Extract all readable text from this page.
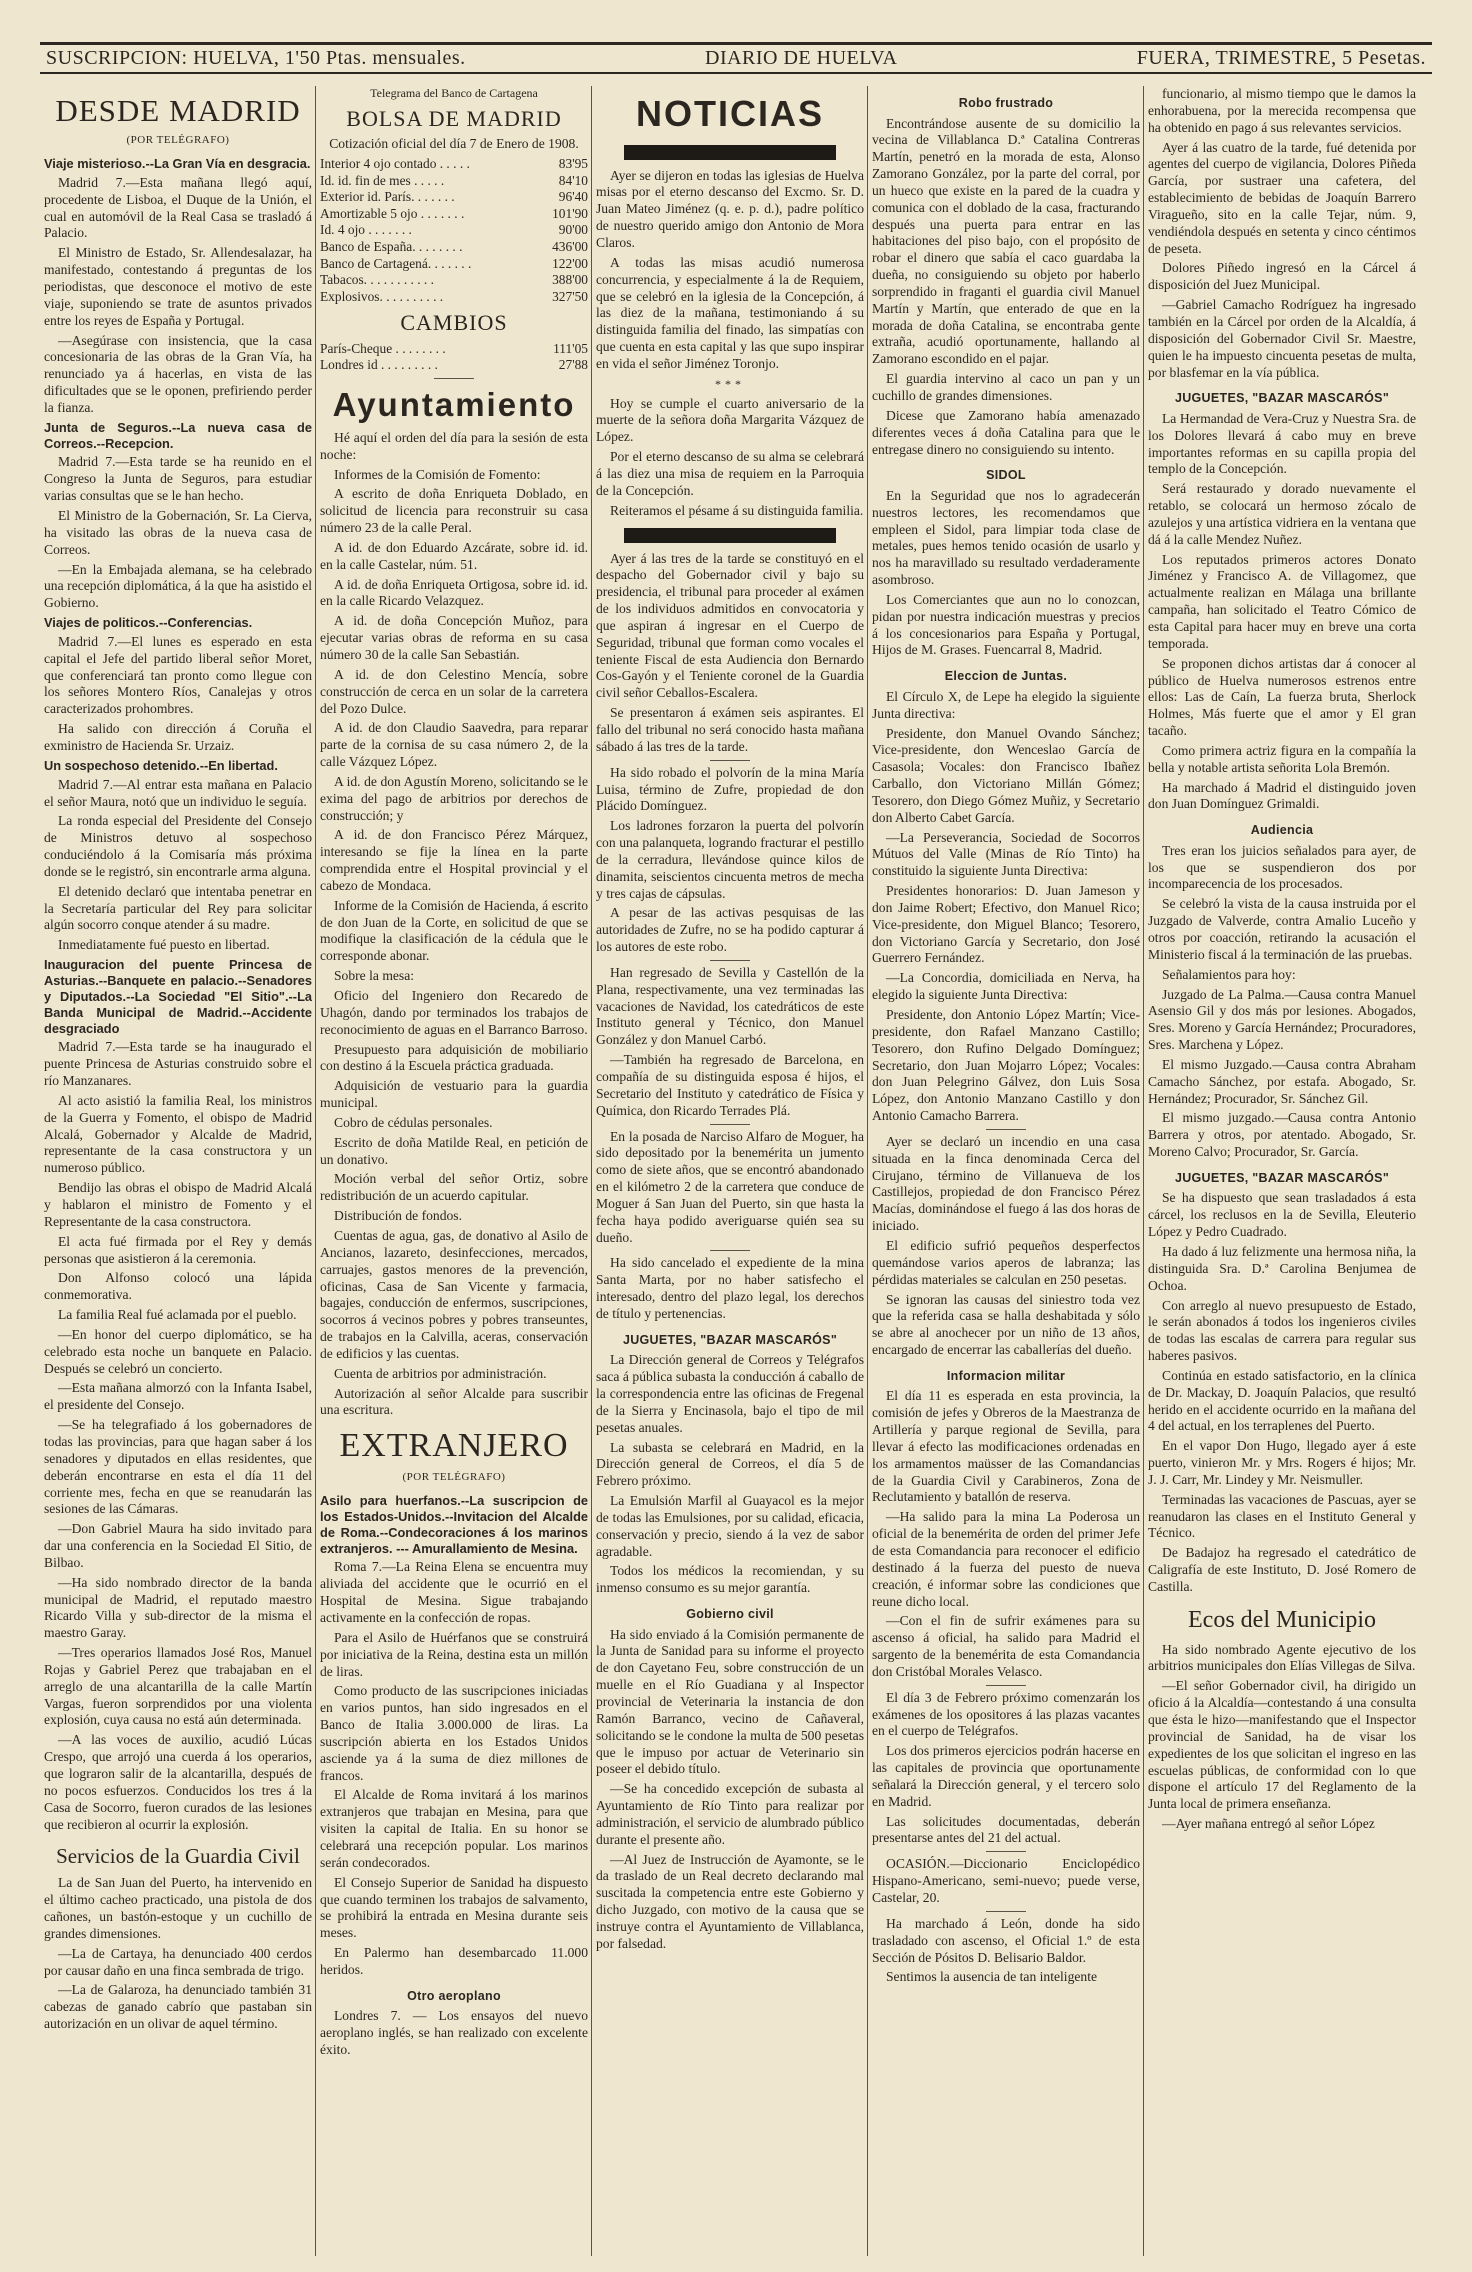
SUSCRIPCION: HUELVA, 1'50 Ptas. mensuales.	DIARIO DE HUELVA	FUERA, TRIMESTRE, 5 Pesetas.
DESDE MADRID
(POR TELÉGRAFO)

Viaje misterioso.--La Gran Vía en desgracia.

Madrid 7.—Esta mañana llegó aquí, procedente de Lisboa, el Duque de la Unión, el cual en automóvil de la Real Casa se trasladó á Palacio.

El Ministro de Estado, Sr. Allendesalazar, ha manifestado, contestando á preguntas de los periodistas, que desconoce el motivo de este viaje, suponiendo se trate de asuntos privados entre los reyes de España y Portugal.

—Asegúrase con insistencia, que la casa concesionaria de las obras de la Gran Vía, ha renunciado ya á hacerlas, en vista de las dificultades que se le oponen, prefiriendo perder la fianza.

Junta de Seguros.--La nueva casa de Correos.--Recepcion.

Madrid 7.—Esta tarde se ha reunido en el Congreso la Junta de Seguros, para estudiar varias consultas que se le han hecho.

El Ministro de la Gobernación, Sr. La Cierva, ha visitado las obras de la nueva casa de Correos.

—En la Embajada alemana, se ha celebrado una recepción diplomática, á la que ha asistido el Gobierno.

Viajes de politicos.--Conferencias.

Madrid 7.—El lunes es esperado en esta capital el Jefe del partido liberal señor Moret, que conferenciará tan pronto como llegue con los señores Montero Ríos, Canalejas y otros caracterizados prohombres.

Ha salido con dirección á Coruña el exministro de Hacienda Sr. Urzaiz.

Un sospechoso detenido.--En libertad.

Madrid 7.—Al entrar esta mañana en Palacio el señor Maura, notó que un individuo le seguía.

La ronda especial del Presidente del Consejo de Ministros detuvo al sospechoso conduciéndolo á la Comisaría más próxima donde se le registró, sin encontrarle arma alguna.

El detenido declaró que intentaba penetrar en la Secretaría particular del Rey para solicitar algún socorro conque atender á su madre.

Inmediatamente fué puesto en libertad.

Inauguracion del puente Princesa de Asturias.--Banquete en palacio.--Senadores y Diputados.--La Sociedad "El Sitio".--La Banda Municipal de Madrid.--Accidente desgraciado

Madrid 7.—Esta tarde se ha inaugurado el puente Princesa de Asturias construido sobre el río Manzanares.

Al acto asistió la familia Real, los ministros de la Guerra y Fomento, el obispo de Madrid Alcalá, Gobernador y Alcalde de Madrid, representante de la casa constructora y un numeroso público.

Bendijo las obras el obispo de Madrid Alcalá y hablaron el ministro de Fomento y el Representante de la casa constructora.

El acta fué firmada por el Rey y demás personas que asistieron á la ceremonia.

Don Alfonso colocó una lápida conmemorativa.

La familia Real fué aclamada por el pueblo.

—En honor del cuerpo diplomático, se ha celebrado esta noche un banquete en Palacio. Después se celebró un concierto.

—Esta mañana almorzó con la Infanta Isabel, el presidente del Consejo.

—Se ha telegrafiado á los gobernadores de todas las provincias, para que hagan saber á los senadores y diputados en ellas residentes, que deberán encontrarse en esta el día 11 del corriente mes, fecha en que se reanudarán las sesiones de las Cámaras.

—Don Gabriel Maura ha sido invitado para dar una conferencia en la Sociedad El Sitio, de Bilbao.

—Ha sido nombrado director de la banda municipal de Madrid, el reputado maestro Ricardo Villa y sub-director de la misma el maestro Garay.

—Tres operarios llamados José Ros, Manuel Rojas y Gabriel Perez que trabajaban en el arreglo de una alcantarilla de la calle Martín Vargas, fueron sorprendidos por una violenta explosión, cuya causa no está aún determinada.

—A las voces de auxilio, acudió Lúcas Crespo, que arrojó una cuerda á los operarios, que lograron salir de la alcantarilla, después de no pocos esfuerzos. Conducidos los tres á la Casa de Socorro, fueron curados de las lesiones que recibieron al ocurrir la explosión.

Servicios de la Guardia Civil

La de San Juan del Puerto, ha intervenido en el último cacheo practicado, una pistola de dos cañones, un bastón-estoque y un cuchillo de grandes dimensiones.

—La de Cartaya, ha denunciado 400 cerdos por causar daño en una finca sembrada de trigo.

—La de Galaroza, ha denunciado también 31 cabezas de ganado cabrío que pastaban sin autorización en un olivar de aquel término.

Telegrama del Banco de Cartagena
BOLSA DE MADRID

Cotización oficial del día 7 de Enero de 1908.

Interior 4 ojo contado . . . . .	83'95
Id. id. fin de mes . . . . .	84'10
Exterior id. París. . . . . . .	96'40
Amortizable 5 ojo . . . . . . .	101'90
Id. 4 ojo . . . . . . .	90'00
Banco de España. . . . . . . .	436'00
Banco de Cartagená. . . . . . .	122'00
Tabacos. . . . . . . . . . .	388'00
Explosivos. . . . . . . . . .	327'50
CAMBIOS
París-Cheque . . . . . . . .	111'05
Londres id . . . . . . . . .	27'88
Ayuntamiento

Hé aquí el orden del día para la sesión de esta noche:

Informes de la Comisión de Fomento:

A escrito de doña Enriqueta Doblado, en solicitud de licencia para reconstruir su casa número 23 de la calle Peral.

A id. de don Eduardo Azcárate, sobre id. id. en la calle Castelar, núm. 51.

A id. de doña Enriqueta Ortigosa, sobre id. id. en la calle Ricardo Velazquez.

A id. de doña Concepción Muñoz, para ejecutar varias obras de reforma en su casa número 30 de la calle San Sebastián.

A id. de don Celestino Mencía, sobre construcción de cerca en un solar de la carretera del Pozo Dulce.

A id. de don Claudio Saavedra, para reparar parte de la cornisa de su casa número 2, de la calle Vázquez López.

A id. de don Agustín Moreno, solicitando se le exima del pago de arbitrios por derechos de construcción; y

A id. de don Francisco Pérez Márquez, interesando se fije la línea en la parte comprendida entre el Hospital provincial y el cabezo de Mondaca.

Informe de la Comisión de Hacienda, á escrito de don Juan de la Corte, en solicitud de que se modifique la clasificación de la cédula que le corresponde abonar.

Sobre la mesa:

Oficio del Ingeniero don Recaredo de Uhagón, dando por terminados los trabajos de reconocimiento de aguas en el Barranco Barroso.

Presupuesto para adquisición de mobiliario con destino á la Escuela práctica graduada.

Adquisición de vestuario para la guardia municipal.

Cobro de cédulas personales.

Escrito de doña Matilde Real, en petición de un donativo.

Moción verbal del señor Ortiz, sobre redistribución de un acuerdo capitular.

Distribución de fondos.

Cuentas de agua, gas, de donativo al Asilo de Ancianos, lazareto, desinfecciones, mercados, carruajes, gastos menores de la prevención, oficinas, Casa de San Vicente y farmacia, bagajes, conducción de enfermos, suscripciones, socorros á vecinos pobres y pobres transeuntes, de trabajos en la Calvilla, aceras, conservación de edificios y las cuentas.

Cuenta de arbitrios por administración.

Autorización al señor Alcalde para suscribir una escritura.

EXTRANJERO
(POR TELÉGRAFO)

Asilo para huerfanos.--La suscripcion de los Estados-Unidos.--Invitacion del Alcalde de Roma.--Condecoraciones á los marinos extranjeros. --- Amurallamiento de Mesina.

Roma 7.—La Reina Elena se encuentra muy aliviada del accidente que le ocurrió en el Hospital de Mesina. Sigue trabajando activamente en la confección de ropas.

Para el Asilo de Huérfanos que se construirá por iniciativa de la Reina, destina esta un millón de liras.

Como producto de las suscripciones iniciadas en varios puntos, han sido ingresados en el Banco de Italia 3.000.000 de liras. La suscripción abierta en los Estados Unidos asciende ya á la suma de diez millones de francos.

El Alcalde de Roma invitará á los marinos extranjeros que trabajan en Mesina, para que visiten la capital de Italia. En su honor se celebrará una recepción popular. Los marinos serán condecorados.

El Consejo Superior de Sanidad ha dispuesto que cuando terminen los trabajos de salvamento, se prohibirá la entrada en Mesina durante seis meses.

En Palermo han desembarcado 11.000 heridos.

Otro aeroplano

Londres 7. — Los ensayos del nuevo aeroplano inglés, se han realizado con excelente éxito.

NOTICIAS

Ayer se dijeron en todas las iglesias de Huelva misas por el eterno descanso del Excmo. Sr. D. Juan Mateo Jiménez (q. e. p. d.), padre político de nuestro querido amigo don Antonio de Mora Claros.

A todas las misas acudió numerosa concurrencia, y especialmente á la de Requiem, que se celebró en la iglesia de la Concepción, á las diez de la mañana, testimoniando á su distinguida familia del finado, las simpatías con que cuenta en esta capital y las que supo inspirar en vida el señor Jiménez Toronjo.

***

Hoy se cumple el cuarto aniversario de la muerte de la señora doña Margarita Vázquez de López.

Por el eterno descanso de su alma se celebrará á las diez una misa de requiem en la Parroquia de la Concepción.

Reiteramos el pésame á su distinguida familia.

Ayer á las tres de la tarde se constituyó en el despacho del Gobernador civil y bajo su presidencia, el tribunal para proceder al exámen de los individuos admitidos en convocatoria y que aspiran á ingresar en el Cuerpo de Seguridad, tribunal que forman como vocales el teniente Fiscal de esta Audiencia don Bernardo Cos-Gayón y el Teniente coronel de la Guardia civil señor Ceballos-Escalera.

Se presentaron á exámen seis aspirantes. El fallo del tribunal no será conocido hasta mañana sábado á las tres de la tarde.

Ha sido robado el polvorín de la mina María Luisa, término de Zufre, propiedad de don Plácido Domínguez.

Los ladrones forzaron la puerta del polvorín con una palanqueta, logrando fracturar el pestillo de la cerradura, llevándose quince kilos de dinamita, seiscientos cincuenta metros de mecha y tres cajas de cápsulas.

A pesar de las activas pesquisas de las autoridades de Zufre, no se ha podido capturar á los autores de este robo.

Han regresado de Sevilla y Castellón de la Plana, respectivamente, una vez terminadas las vacaciones de Navidad, los catedráticos de este Instituto general y Técnico, don Manuel González y don Manuel Carbó.

—También ha regresado de Barcelona, en compañía de su distinguida esposa é hijos, el Secretario del Instituto y catedrático de Física y Química, don Ricardo Terrades Plá.

En la posada de Narciso Alfaro de Moguer, ha sido depositado por la benemérita un jumento como de siete años, que se encontró abandonado en el kilómetro 2 de la carretera que conduce de Moguer á San Juan del Puerto, sin que hasta la fecha haya podido averiguarse quién sea su dueño.

Ha sido cancelado el expediente de la mina Santa Marta, por no haber satisfecho el interesado, dentro del plazo legal, los derechos de título y pertenencias.

JUGUETES, "BAZAR MASCARÓS"

La Dirección general de Correos y Telégrafos saca á pública subasta la conducción á caballo de la correspondencia entre las oficinas de Fregenal de la Sierra y Encinasola, bajo el tipo de mil pesetas anuales.

La subasta se celebrará en Madrid, en la Dirección general de Correos, el día 5 de Febrero próximo.

La Emulsión Marfil al Guayacol es la mejor de todas las Emulsiones, por su calidad, eficacia, conservación y precio, siendo á la vez de sabor agradable.

Todos los médicos la recomiendan, y su inmenso consumo es su mejor garantía.

Gobierno civil

Ha sido enviado á la Comisión permanente de la Junta de Sanidad para su informe el proyecto de don Cayetano Feu, sobre construcción de un muelle en el Río Guadiana y al Inspector provincial de Veterinaria la instancia de don Ramón Barranco, vecino de Cañaveral, solicitando se le condone la multa de 500 pesetas que le impuso por actuar de Veterinario sin poseer el debido título.

—Se ha concedido excepción de subasta al Ayuntamiento de Río Tinto para realizar por administración, el servicio de alumbrado público durante el presente año.

—Al Juez de Instrucción de Ayamonte, se le da traslado de un Real decreto declarando mal suscitada la competencia entre este Gobierno y dicho Juzgado, con motivo de la causa que se instruye contra el Ayuntamiento de Villablanca, por falsedad.

Robo frustrado

Encontrándose ausente de su domicilio la vecina de Villablanca D.ª Catalina Contreras Martín, penetró en la morada de esta, Alonso Zamorano González, por la parte del corral, por un hueco que existe en la pared de la cuadra y comunica con el doblado de la casa, fracturando después una puerta para entrar en las habitaciones del piso bajo, con el propósito de robar el dinero que sabía el caco guardaba la dueña, no consiguiendo su objeto por haberlo sorprendido in fraganti el guardia civil Manuel Martín y Martín, que enterado de que en la morada de doña Catalina, se encontraba gente extraña, acudió oportunamente, hallando al Zamorano escondido en el pajar.

El guardia intervino al caco un pan y un cuchillo de grandes dimensiones.

Dicese que Zamorano había amenazado diferentes veces á doña Catalina para que le entregase dinero no consiguiendo su intento.

SIDOL

En la Seguridad que nos lo agradecerán nuestros lectores, les recomendamos que empleen el Sidol, para limpiar toda clase de metales, pues hemos tenido ocasión de usarlo y nos ha maravillado su resultado verdaderamente asombroso.

Los Comerciantes que aun no lo conozcan, pidan por nuestra indicación muestras y precios á los concesionarios para España y Portugal, Hijos de M. Grases. Fuencarral 8, Madrid.

Eleccion de Juntas.

El Círculo X, de Lepe ha elegido la siguiente Junta directiva:

Presidente, don Manuel Ovando Sánchez; Vice-presidente, don Wenceslao García de Casasola; Vocales: don Francisco Ibañez Carballo, don Victoriano Millán Gómez; Tesorero, don Diego Gómez Muñiz, y Secretario don Alberto Cabet García.

—La Perseverancia, Sociedad de Socorros Mútuos del Valle (Minas de Río Tinto) ha constituido la siguiente Junta Directiva:

Presidentes honorarios: D. Juan Jameson y don Jaime Robert; Efectivo, don Manuel Rico; Vice-presidente, don Miguel Blanco; Tesorero, don Victoriano García y Secretario, don José Guerrero Fernández.

—La Concordia, domiciliada en Nerva, ha elegido la siguiente Junta Directiva:

Presidente, don Antonio López Martín; Vice-presidente, don Rafael Manzano Castillo; Tesorero, don Rufino Delgado Domínguez; Secretario, don Juan Mojarro López; Vocales: don Juan Pelegrino Gálvez, don Luis Sosa López, don Antonio Manzano Castillo y don Antonio Camacho Barrera.

Ayer se declaró un incendio en una casa situada en la finca denominada Cerca del Cirujano, término de Villanueva de los Castillejos, propiedad de don Francisco Pérez Macías, dominándose el fuego á las dos horas de iniciado.

El edificio sufrió pequeños desperfectos quemándose varios aperos de labranza; las pérdidas materiales se calculan en 250 pesetas.

Se ignoran las causas del siniestro toda vez que la referida casa se halla deshabitada y sólo se abre al anochecer por un niño de 13 años, encargado de encerrar las caballerías del dueño.

Informacion militar

El día 11 es esperada en esta provincia, la comisión de jefes y Obreros de la Maestranza de Artillería y parque regional de Sevilla, para llevar á efecto las modificaciones ordenadas en los armamentos maüsser de las Comandancias de la Guardia Civil y Carabineros, Zona de Reclutamiento y batallón de reserva.

—Ha salido para la mina La Poderosa un oficial de la benemérita de orden del primer Jefe de esta Comandancia para reconocer el edificio destinado á la fuerza del puesto de nueva creación, é informar sobre las condiciones que reune dicho local.

—Con el fin de sufrir exámenes para su ascenso á oficial, ha salido para Madrid el sargento de la benemérita de esta Comandancia don Cristóbal Morales Velasco.

El día 3 de Febrero próximo comenzarán los exámenes de los opositores á las plazas vacantes en el cuerpo de Telégrafos.

Los dos primeros ejercicios podrán hacerse en las capitales de provincia que oportunamente señalará la Dirección general, y el tercero solo en Madrid.

Las solicitudes documentadas, deberán presentarse antes del 21 del actual.

OCASIÓN.—Diccionario Enciclopédico Hispano-Americano, semi-nuevo; puede verse, Castelar, 20.

Ha marchado á León, donde ha sido trasladado con ascenso, el Oficial 1.º de esta Sección de Pósitos D. Belisario Baldor.

Sentimos la ausencia de tan inteligente

funcionario, al mismo tiempo que le damos la enhorabuena, por la merecida recompensa que ha obtenido en pago á sus relevantes servicios.

Ayer á las cuatro de la tarde, fué detenida por agentes del cuerpo de vigilancia, Dolores Piñeda García, por sustraer una cafetera, del establecimiento de bebidas de Joaquín Barrero Viragueño, sito en la calle Tejar, núm. 9, vendiéndola después en setenta y cinco céntimos de peseta.

Dolores Piñedo ingresó en la Cárcel á disposición del Juez Municipal.

—Gabriel Camacho Rodríguez ha ingresado también en la Cárcel por orden de la Alcaldía, á disposición del Gobernador Civil Sr. Maestre, quien le ha impuesto cincuenta pesetas de multa, por blasfemar en la vía pública.

JUGUETES, "BAZAR MASCARÓS"

La Hermandad de Vera-Cruz y Nuestra Sra. de los Dolores llevará á cabo muy en breve importantes reformas en su capilla propia del templo de la Concepción.

Será restaurado y dorado nuevamente el retablo, se colocará un hermoso zócalo de azulejos y una artística vidriera en la ventana que dá á la calle Mendez Nuñez.

Los reputados primeros actores Donato Jiménez y Francisco A. de Villagomez, que actualmente realizan en Málaga una brillante campaña, han solicitado el Teatro Cómico de esta Capital para hacer muy en breve una corta temporada.

Se proponen dichos artistas dar á conocer al público de Huelva numerosos estrenos entre ellos: Las de Caín, La fuerza bruta, Sherlock Holmes, Más fuerte que el amor y El gran tacaño.

Como primera actriz figura en la compañía la bella y notable artista señorita Lola Bremón.

Ha marchado á Madrid el distinguido joven don Juan Domínguez Grimaldi.

Audiencia

Tres eran los juicios señalados para ayer, de los que se suspendieron dos por incomparecencia de los procesados.

Se celebró la vista de la causa instruida por el Juzgado de Valverde, contra Amalio Luceño y otros por coacción, retirando la acusación el Ministerio fiscal á la terminación de las pruebas.

Señalamientos para hoy:

Juzgado de La Palma.—Causa contra Manuel Asensio Gil y dos más por lesiones. Abogados, Sres. Moreno y García Hernández; Procuradores, Sres. Marchena y López.

El mismo Juzgado.—Causa contra Abraham Camacho Sánchez, por estafa. Abogado, Sr. Hernández; Procurador, Sr. Sánchez Gil.

El mismo juzgado.—Causa contra Antonio Barrera y otros, por atentado. Abogado, Sr. Moreno Calvo; Procurador, Sr. García.

JUGUETES, "BAZAR MASCARÓS"

Se ha dispuesto que sean trasladados á esta cárcel, los reclusos en la de Sevilla, Eleuterio López y Pedro Cuadrado.

Ha dado á luz felizmente una hermosa niña, la distinguida Sra. D.ª Carolina Benjumea de Ochoa.

Con arreglo al nuevo presupuesto de Estado, le serán abonados á todos los ingenieros civiles de todas las escalas de carrera para regular sus haberes pasivos.

Continúa en estado satisfactorio, en la clínica de Dr. Mackay, D. Joaquín Palacios, que resultó herido en el accidente ocurrido en la mañana del 4 del actual, en los terraplenes del Puerto.

En el vapor Don Hugo, llegado ayer á este puerto, vinieron Mr. y Mrs. Rogers é hijos; Mr. J. J. Carr, Mr. Lindey y Mr. Neismuller.

Terminadas las vacaciones de Pascuas, ayer se reanudaron las clases en el Instituto General y Técnico.

De Badajoz ha regresado el catedrático de Caligrafía de este Instituto, D. José Romero de Castilla.

Ecos del Municipio

Ha sido nombrado Agente ejecutivo de los arbitrios municipales don Elías Villegas de Silva.

—El señor Gobernador civil, ha dirigido un oficio á la Alcaldía—contestando á una consulta que ésta le hizo—manifestando que el Inspector provincial de Sanidad, ha de visar los expedientes de los que solicitan el ingreso en las escuelas públicas, de conformidad con lo que dispone el artículo 17 del Reglamento de la Junta local de primera enseñanza.

—Ayer mañana entregó al señor López
